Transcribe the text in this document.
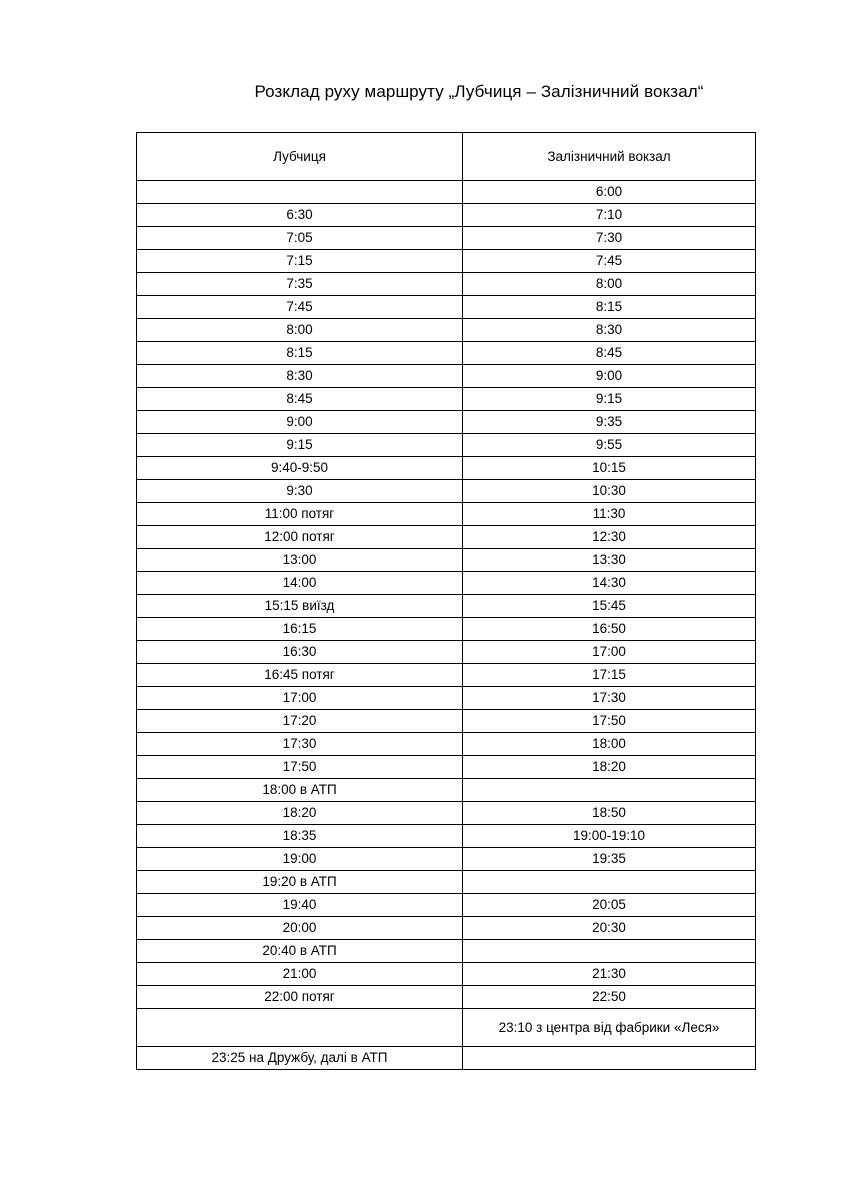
Розклад руху маршруту „Лубчиця – Залізничний вокзал“
Лубчиця	Залізничний вокзал
	6:00
6:30	7:10
7:05	7:30
7:15	7:45
7:35	8:00
7:45	8:15
8:00	8:30
8:15	8:45
8:30	9:00
8:45	9:15
9:00	9:35
9:15	9:55
9:40-9:50	10:15
9:30	10:30
11:00 потяг	11:30
12:00 потяг	12:30
13:00	13:30
14:00	14:30
15:15 виїзд	15:45
16:15	16:50
16:30	17:00
16:45 потяг	17:15
17:00	17:30
17:20	17:50
17:30	18:00
17:50	18:20
18:00 в АТП	
18:20	18:50
18:35	19:00-19:10
19:00	19:35
19:20 в АТП	
19:40	20:05
20:00	20:30
20:40 в АТП	
21:00	21:30
22:00 потяг	22:50
	23:10 з центра від фабрики «Леся»
23:25 на Дружбу, далі в АТП	
